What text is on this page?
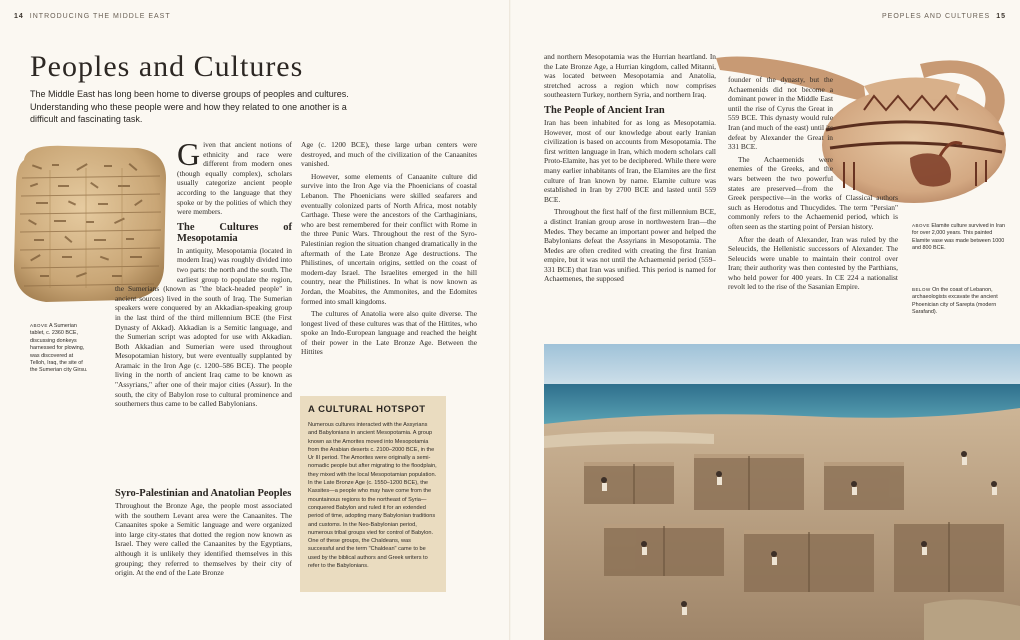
14 INTRODUCING THE MIDDLE EAST
Peoples and Cultures
The Middle East has long been home to diverse groups of peoples and cultures. Understanding who these people were and how they related to one another is a difficult and fascinating task.
ABOVE A Sumerian tablet, c. 2360 BCE, discussing donkeys harnessed for plowing, was discovered at Telloh, Iraq, the site of the Sumerian city Girsu.

Given that ancient notions of ethnicity and race were different from modern ones (though equally complex), scholars usually categorize ancient people according to the language that they spoke or by the polities of which they were members.

The Cultures of Mesopotamia

In antiquity, Mesopotamia (located in modern Iraq) was roughly divided into two parts: the north and the south. The earliest group to populate the region, the Sumerians (known as "the black-headed people" in ancient sources) lived in the south of Iraq. The Sumerian speakers were conquered by an Akkadian-speaking group in the last third of the third millennium BCE (the First Dynasty of Akkad). Akkadian is a Semitic language, and the Sumerian script was adopted for use with Akkadian. Both Akkadian and Sumerian were used throughout Mesopotamian history, but were eventually supplanted by Aramaic in the Iron Age (c. 1200–586 BCE). The people living in the north of ancient Iraq came to be known as "Assyrians," after one of their major cities (Assur). In the south, the city of Babylon rose to cultural prominence and southerners thus came to be called Babylonians.

Syro-Palestinian and Anatolian Peoples

Throughout the Bronze Age, the people most associated with the southern Levant area were the Canaanites. The Canaanites spoke a Semitic language and were organized into large city-states that dotted the region now known as Israel. They were called the Canaanites by the Egyptians, although it is unlikely they identified themselves in this grouping; they referred to themselves by their city of origin. At the end of the Late Bronze

Age (c. 1200 BCE), these large urban centers were destroyed, and much of the civilization of the Canaanites vanished.

However, some elements of Canaanite culture did survive into the Iron Age via the Phoenicians of coastal Lebanon. The Phoenicians were skilled seafarers and eventually colonized parts of North Africa, most notably Carthage. These were the ancestors of the Carthaginians, who are best remembered for their conflict with Rome in the three Punic Wars. Throughout the rest of the Syro-Palestinian region the situation changed dramatically in the aftermath of the Late Bronze Age destructions. The Philistines, of uncertain origins, settled on the coast of modern-day Israel. The Israelites emerged in the hill country, near the Philistines. In what is now known as Jordan, the Moabites, the Ammonites, and the Edomites formed into small kingdoms.

The cultures of Anatolia were also quite diverse. The longest lived of these cultures was that of the Hittites, who spoke an Indo-European language and reached the height of their power in the Late Bronze Age. Between the Hittites

A CULTURAL HOTSPOT
Numerous cultures interacted with the Assyrians and Babylonians in ancient Mesopotamia. A group known as the Amorites moved into Mesopotamia from the Arabian deserts c. 2100–2000 BCE, in the Ur III period. The Amorites were originally a semi-nomadic people but after migrating to the floodplain, they mixed with the local Mesopotamian population. In the Late Bronze Age (c. 1550–1200 BCE), the Kassites—a people who may have come from the mountainous regions to the northeast of Syria—conquered Babylon and ruled it for an extended period of time, adopting many Babylonian traditions and customs. In the Neo-Babylonian period, numerous tribal groups vied for control of Babylon. One of these groups, the Chaldeans, was successful and the term "Chaldean" came to be used by the biblical authors and Greek writers to refer to the Babylonians.
PEOPLES AND CULTURES 15

and northern Mesopotamia was the Hurrian heartland. In the Late Bronze Age, a Hurrian kingdom, called Mitanni, was located between Mesopotamia and Anatolia, stretched across a region which now comprises southeastern Turkey, northern Syria, and northern Iraq.

The People of Ancient Iran

Iran has been inhabited for as long as Mesopotamia. However, most of our knowledge about early Iranian civilization is based on accounts from Mesopotamia. The first written language in Iran, which modern scholars call Proto-Elamite, has yet to be deciphered. While there were many earlier inhabitants of Iran, the Elamites are the first culture of Iran known by name. Elamite culture was established in Iran by 2700 BCE and lasted until 559 BCE.

Throughout the first half of the first millennium BCE, a distinct Iranian group arose in northwestern Iran—the Medes. They became an important power and helped the Babylonians defeat the Assyrians in Mesopotamia. The Medes are often credited with creating the first Iranian empire, but it was not until the Achaemenid period (559–331 BCE) that Iran was unified. This period is named for Achaemenes, the supposed

founder of the dynasty, but the Achaemenids did not become a dominant power in the Middle East until the rise of Cyrus the Great in 559 BCE. This dynasty would rule Iran (and much of the east) until its defeat by Alexander the Great in 331 BCE.

The Achaemenids were enemies of the Greeks, and the wars between the two powerful states are preserved—from the Greek perspective—in the works of Classical authors such as Herodotus and Thucydides. The term "Persian" commonly refers to the Achaemenid period, which is often seen as the starting point of Persian history.

After the death of Alexander, Iran was ruled by the Seleucids, the Hellenistic successors of Alexander. The Seleucids were unable to maintain their control over Iran; their authority was then contested by the Parthians, who held power for 400 years. In CE 224 a nationalist revolt led to the rise of the Sasanian Empire.

ABOVE Elamite culture survived in Iran for over 2,000 years. This painted Elamite vase was made between 1000 and 800 BCE.
BELOW On the coast of Lebanon, archaeologists excavate the ancient Phoenician city of Sarepta (modern Sarafand).
